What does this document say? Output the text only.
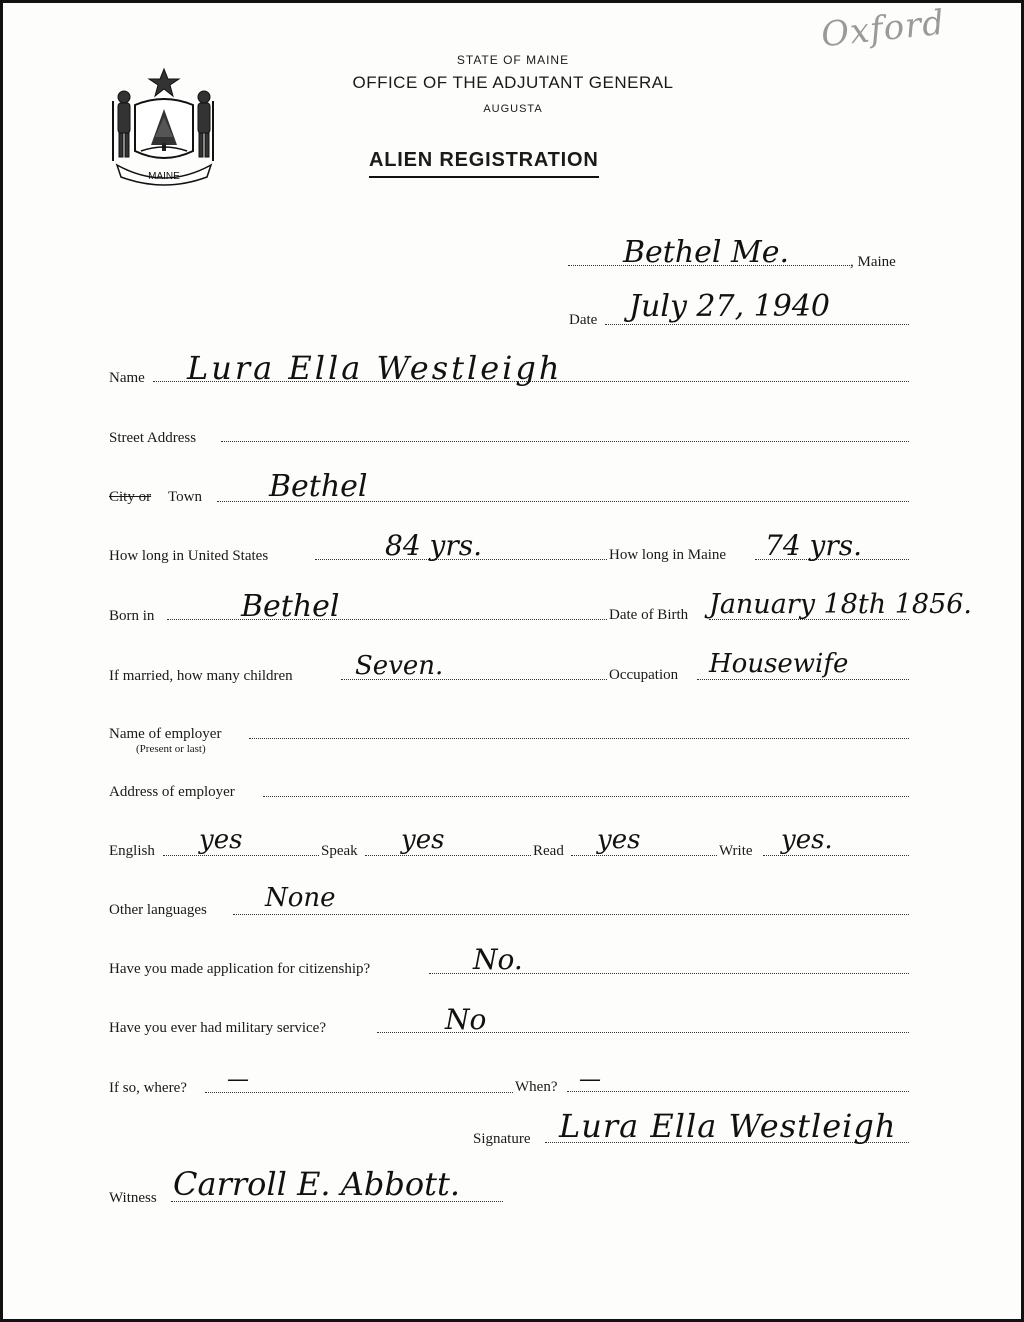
Oxford
MAINE
STATE OF MAINE
OFFICE OF THE ADJUTANT GENERAL
AUGUSTA
ALIEN REGISTRATION
Bethel Me.	, Maine
Date July 27, 1940
Name Lura Ella Westleigh
Street Address
City or Town Bethel
How long in United States	84 yrs.	How long in Maine 74 yrs.
Born in	Bethel	Date of Birth January 18th 1856.
If married, how many children Seven.	Occupation Housewife
Name of employer
(Present or last)
Address of employer
English yes	Speak yes	Read yes	Write yes.
Other languages None
Have you made application for citizenship?	No.
Have you ever had military service?	No
If so, where? —	When? —
Signature Lura Ella Westleigh
Witness Carroll E. Abbott.
